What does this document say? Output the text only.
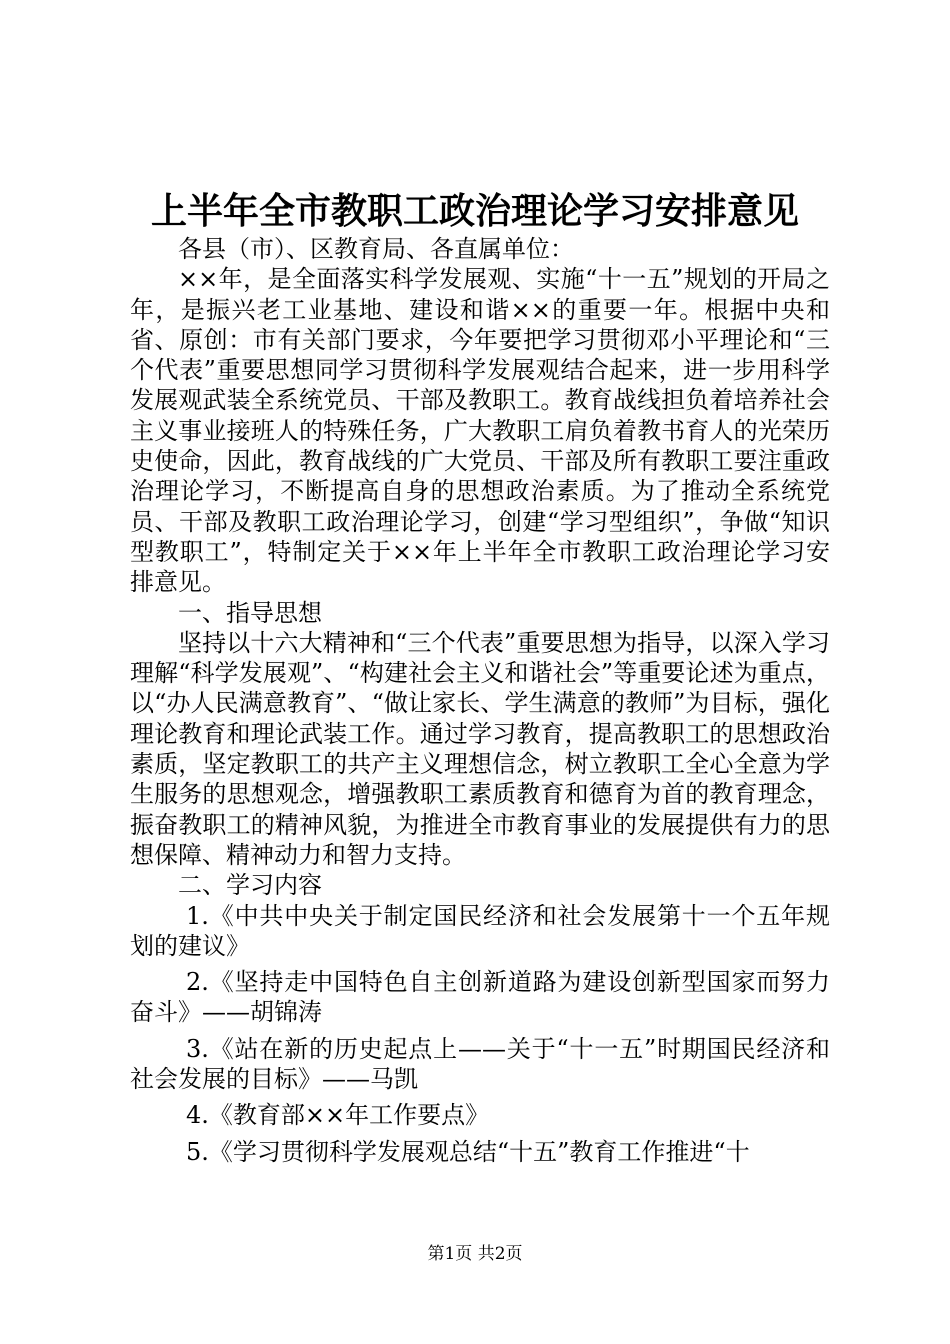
上半年全市教职工政治理论学习安排意见

各县（市）、区教育局、各直属单位：

××年，是全面落实科学发展观、实施“十一五”规划的开局之年，是振兴老工业基地、建设和谐××的重要一年。根据中央和省、原创：市有关部门要求，今年要把学习贯彻邓小平理论和“三个代表”重要思想同学习贯彻科学发展观结合起来，进一步用科学发展观武装全系统党员、干部及教职工。教育战线担负着培养社会主义事业接班人的特殊任务，广大教职工肩负着教书育人的光荣历史使命，因此，教育战线的广大党员、干部及所有教职工要注重政治理论学习，不断提高自身的思想政治素质。为了推动全系统党员、干部及教职工政治理论学习，创建“学习型组织”，争做“知识型教职工”，特制定关于××年上半年全市教职工政治理论学习安排意见。

一、指导思想

坚持以十六大精神和“三个代表”重要思想为指导，以深入学习理解“科学发展观”、“构建社会主义和谐社会”等重要论述为重点，以“办人民满意教育”、“做让家长、学生满意的教师”为目标，强化理论教育和理论武装工作。通过学习教育，提高教职工的思想政治素质，坚定教职工的共产主义理想信念，树立教职工全心全意为学生服务的思想观念，增强教职工素质教育和德育为首的教育理念，振奋教职工的精神风貌，为推进全市教育事业的发展提供有力的思想保障、精神动力和智力支持。

二、学习内容

1.《中共中央关于制定国民经济和社会发展第十一个五年规划的建议》

2.《坚持走中国特色自主创新道路为建设创新型国家而努力奋斗》——胡锦涛

3.《站在新的历史起点上——关于“十一五”时期国民经济和社会发展的目标》——马凯

4.《教育部××年工作要点》

5.《学习贯彻科学发展观总结“十五”教育工作推进“十

第1页 共2页
